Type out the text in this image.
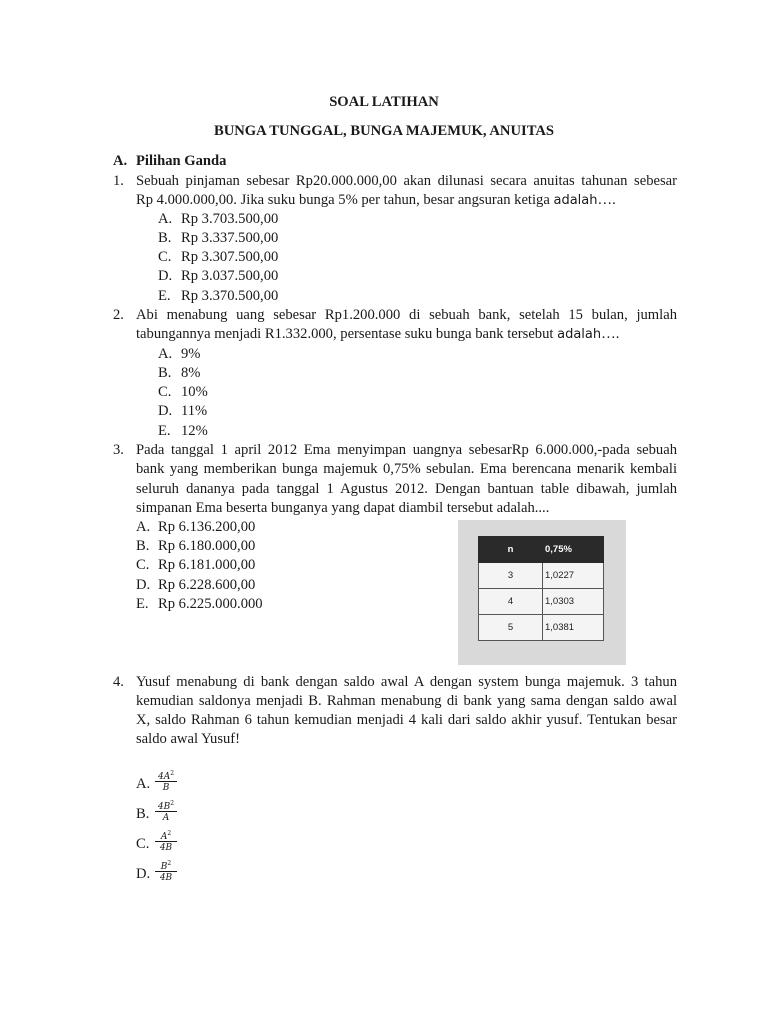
SOAL LATIHAN
BUNGA TUNGGAL, BUNGA MAJEMUK, ANUITAS
A. Pilihan Ganda
1. Sebuah pinjaman sebesar Rp20.000.000,00 akan dilunasi secara anuitas tahunan sebesar
Rp 4.000.000,00. Jika suku bunga 5% per tahun, besar angsuran ketiga adalah….
A. Rp 3.703.500,00
B. Rp 3.337.500,00
C. Rp 3.307.500,00
D. Rp 3.037.500,00
E. Rp 3.370.500,00
2. Abi menabung uang sebesar Rp1.200.000 di sebuah bank, setelah 15 bulan, jumlah
tabungannya menjadi R1.332.000, persentase suku bunga bank tersebut adalah….
A. 9%
B. 8%
C. 10%
D. 11%
E. 12%
3. Pada tanggal 1 april 2012 Ema menyimpan uangnya sebesarRp 6.000.000,-pada sebuah
bank yang memberikan bunga majemuk 0,75% sebulan. Ema berencana menarik kembali
seluruh dananya pada tanggal 1 Agustus 2012. Dengan bantuan table dibawah, jumlah
simpanan Ema beserta bunganya yang dapat diambil tersebut adalah....
A. Rp 6.136.200,00
B. Rp 6.180.000,00
C. Rp 6.181.000,00
D. Rp 6.228.600,00
E. Rp 6.225.000.000
n	0,75%
3	1,0227
4	1,0303
5	1,0381
4. Yusuf menabung di bank dengan saldo awal A dengan system bunga majemuk. 3 tahun
kemudian saldonya menjadi B. Rahman menabung di bank yang sama dengan saldo awal
X, saldo Rahman 6 tahun kemudian menjadi 4 kali dari saldo akhir yusuf. Tentukan besar
saldo awal Yusuf!
A. $4A^2$
B
B. $4B^2$
A
C.	$A^2$
4B
D.	$B^2$
4B
